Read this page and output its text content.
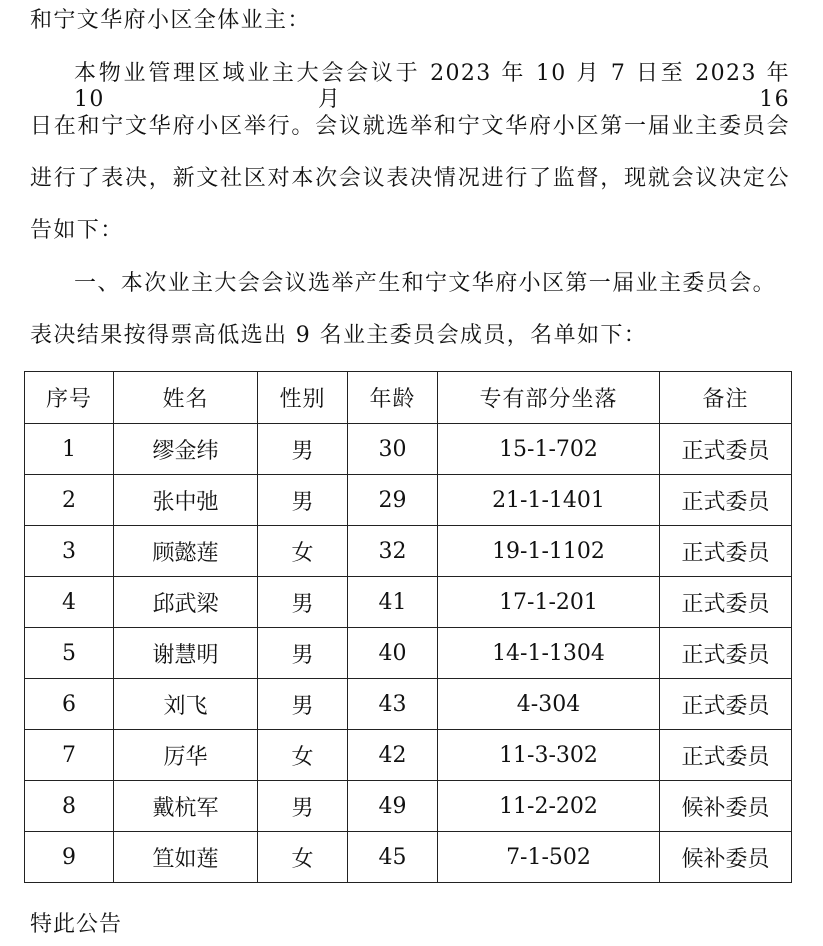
和宁文华府小区全体业主：
本物业管理区域业主大会会议于 2023 年 10 月 7 日至 2023 年 10 月 16
日在和宁文华府小区举行。会议就选举和宁文华府小区第一届业主委员会
进行了表决，新文社区对本次会议表决情况进行了监督，现就会议决定公
告如下：
一、本次业主大会会议选举产生和宁文华府小区第一届业主委员会。
表决结果按得票高低选出 9 名业主委员会成员，名单如下：
序号	姓名	性别	年龄	专有部分坐落	备注
1	缪金纬	男	30	15-1-702	正式委员
2	张中弛	男	29	21-1-1401	正式委员
3	顾懿莲	女	32	19-1-1102	正式委员
4	邱武梁	男	41	17-1-201	正式委员
5	谢慧明	男	40	14-1-1304	正式委员
6	刘飞	男	43	4-304	正式委员
7	厉华	女	42	11-3-302	正式委员
8	戴杭军	男	49	11-2-202	候补委员
9	笪如莲	女	45	7-1-502	候补委员
特此公告
